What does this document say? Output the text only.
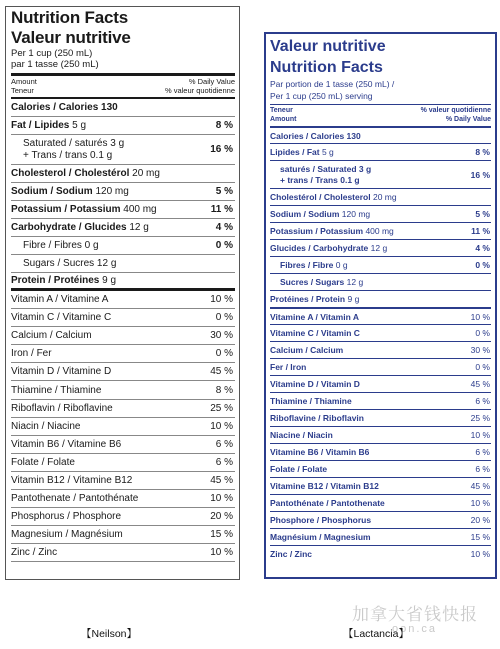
Nutrition Facts
Valeur nutritive
Per 1 cup (250 mL)
par 1 tasse (250 mL)
Amount
Teneur
% Daily Value
% valeur quotidienne
Calories / Calories 130
Fat / Lipides 5 g	8 %
Saturated / saturés 3 g
+ Trans / trans 0.1 g	16 %
Cholesterol / Cholestérol 20 mg
Sodium / Sodium 120 mg	5 %
Potassium / Potassium 400 mg	11 %
Carbohydrate / Glucides 12 g	4 %
Fibre / Fibres 0 g	0 %
Sugars / Sucres 12 g
Protein / Protéines 9 g
Vitamin A / Vitamine A	10 %
Vitamin C / Vitamine C	0 %
Calcium / Calcium	30 %
Iron / Fer	0 %
Vitamin D / Vitamine D	45 %
Thiamine / Thiamine	8 %
Riboflavin / Riboflavine	25 %
Niacin / Niacine	10 %
Vitamin B6 / Vitamine B6	6 %
Folate / Folate	6 %
Vitamin B12 / Vitamine B12	45 %
Pantothenate / Pantothénate	10 %
Phosphorus / Phosphore	20 %
Magnesium / Magnésium	15 %
Zinc / Zinc	10 %
Valeur nutritive
Nutrition Facts
Par portion de 1 tasse (250 mL) /
Per 1 cup (250 mL) serving
Teneur
Amount
% valeur quotidienne
% Daily Value
Calories / Calories 130
Lipides / Fat 5 g	8 %
saturés / Saturated 3 g
+ trans / Trans 0.1 g	16 %
Cholestérol / Cholesterol 20 mg
Sodium / Sodium 120 mg	5 %
Potassium / Potassium 400 mg	11 %
Glucides / Carbohydrate 12 g	4 %
Fibres / Fibre 0 g	0 %
Sucres / Sugars 12 g
Protéines / Protein 9 g
Vitamine A / Vitamin A	10 %
Vitamine C / Vitamin C	0 %
Calcium / Calcium	30 %
Fer / Iron	0 %
Vitamine D / Vitamin D	45 %
Thiamine / Thiamine	6 %
Riboflavine / Riboflavin	25 %
Niacine / Niacin	10 %
Vitamine B6 / Vitamin B6	6 %
Folate / Folate	6 %
Vitamine B12 / Vitamin B12	45 %
Pantothénate / Pantothenate	10 %
Phosphore / Phosphorus	20 %
Magnésium / Magnesium	15 %
Zinc / Zinc	10 %
加拿大省钱快报
oon.ca
【Neilson】	【Lactancia】
